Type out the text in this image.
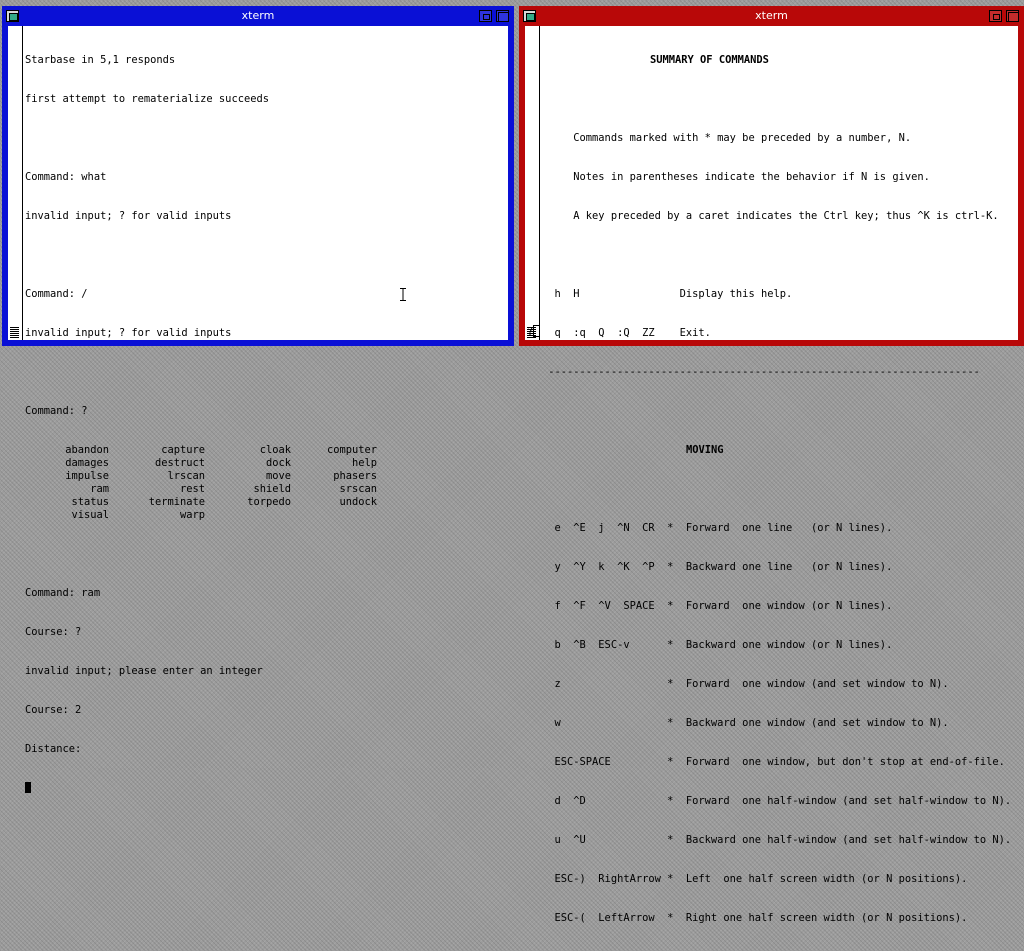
xterm

Starbase in 5,1 responds

first attempt to rematerialize succeeds

Command: what

invalid input; ? for valid inputs

Command: /

invalid input; ? for valid inputs

Command: ?

abandon	capture	cloak	computer
damages	destruct	dock	help
impulse	lrscan	move	phasers
ram	rest	shield	srscan
status	terminate	torpedo	undock
visual	warp

Command: ram

Course: ?

invalid input; please enter an integer

Course: 2

Distance:

xterm

SUMMARY OF COMMANDS

Commands marked with * may be preceded by a number, N.

Notes in parentheses indicate the behavior if N is given.

A key preceded by a caret indicates the Ctrl key; thus ^K is ctrl-K.

h  H                Display this help.

q  :q  Q  :Q  ZZ    Exit.

---------------------------------------------------------------------

MOVING

e  ^E  j  ^N  CR  *  Forward  one line   (or N lines).

y  ^Y  k  ^K  ^P  *  Backward one line   (or N lines).

f  ^F  ^V  SPACE  *  Forward  one window (or N lines).

b  ^B  ESC-v      *  Backward one window (or N lines).

z                 *  Forward  one window (and set window to N).

w                 *  Backward one window (and set window to N).

ESC-SPACE         *  Forward  one window, but don't stop at end-of-file.

d  ^D             *  Forward  one half-window (and set half-window to N).

u  ^U             *  Backward one half-window (and set half-window to N).

ESC-)  RightArrow *  Left  one half screen width (or N positions).

ESC-(  LeftArrow  *  Right one half screen width (or N positions).

?
